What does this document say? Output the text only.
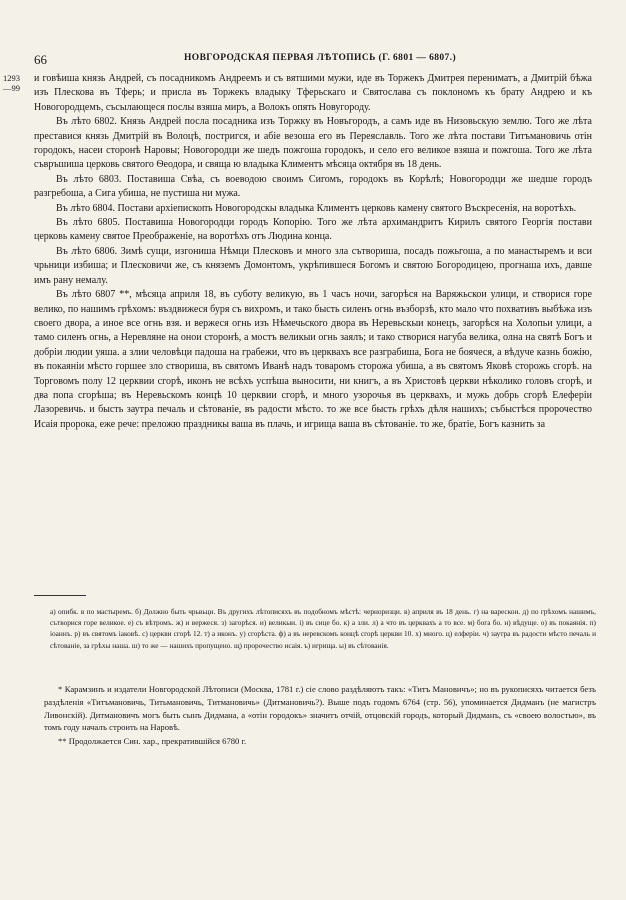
66	НОВГОРОДСКАЯ ПЕРВАЯ ЛѢТОПИСЬ (Г. 6801 — 6807.)
1293
—99

и говѣиша князь Андрей, съ посадникомъ Андреемъ и съ вятшими мужи, иде въ Торжекъ Дмитрея перениматъ, а Дмитрій бѣжа изъ Плескова въ Тферь; и присла въ Торжекъ владыку Тферьскаго и Святослава съ поклономъ къ брату Андрею и къ Новогородцемъ, съсылающеся послы взяша миръ, а Волокъ опять Новугороду.

Въ лѣто 6802. Князь Андрей посла посадника изъ Торжку въ Новъгородъ, а самъ иде въ Низовьскую землю. Того же лѣта преставися князь Дмитрій въ Волоцѣ, постригся, и абіе везоша его въ Переяславль. Того же лѣта постави Титъмановичь отін городокъ, насеи сторонѣ Наровы; Новогородци же шедъ пожгоша городокъ, и село его великое взяша и пожгоша. Того же лѣта съвръшиша церковь святого Ѳеодора, и свяща ю владыка Климентъ мѣсяца октября въ 18 день.

Въ лѣто 6803. Поставиша Свѣа, съ воеводою своимъ Сигомъ, городокъ въ Корѣлѣ; Новогородци же шедше городъ разгребоша, а Сига убиша, не пустиша ни мужа.

Въ лѣто 6804. Постави архіепископъ Новогородскы владыка Климентъ церковь камену святого Въскресенія, на воротѣхъ.

Въ лѣто 6805. Поставиша Новогородци городъ Копорію. Того же лѣта архимандритъ Кирилъ святого Георгія постави церковь камену святое Преображеніе, на воротѣхъ отъ Людина конца.

Въ лѣто 6806. Зимѣ сущи, изгониша Нѣмци Плесковъ и много зла сътвориша, посадъ пожьгоша, а по манастыремъ и вси чрьници избиша; и Плесковичи же, съ княземъ Домонтомъ, укрѣпившеся Богомъ и святою Богородицею, прогнаша ихъ, давше имъ рану немалу.

Въ лѣто 6807 **, мѣсяца априля 18, въ суботу великую, въ 1 часъ ночи, загорѣся на Варяжьскои улици, и створися горе велико, по нашимъ грѣхомъ: въздвижеся буря съ вихромъ, и тако бысть силенъ огнь възборзѣ, кто мало что похвативъ выбѣжа изъ своего двора, а иное все огнь взя. и вержеся огнь изъ Нѣмечьского двора въ Неревьскыи конецъ, загорѣся на Холопьи улици, а тамо силенъ огнь, а Неревляне на онои сторонѣ, а мостъ великыи огнь заялъ; и тако створися нагуба велика, олна на святѣ Богъ и добріи людии уяша. а злии человѣци падоша на грабежи, что въ церквахъ все разграбиша, Бога не боячеся, а вѣдуче казнь божію, въ покаяніи мѣсто горшее зло створиша, въ святомъ Иванѣ надъ товаромъ сторожа убиша, а въ святомъ Яковѣ сторожь сгорѣ. на Торговомъ полу 12 церквии сгорѣ, иконъ не всѣхъ успѣша выносити, ни книгъ, а въ Христовѣ церкви нѣколико головъ сгорѣ, и два попа сгорѣша; въ Неревьскомъ концѣ 10 церквии сгорѣ, и много узорочья въ церквахъ, и мужь добрь сгорѣ Елеферіи Лазоревичь. и бысть заутра печаль и сѣтованіе, въ радости мѣсто. то же все бысть грѣхъ дѣля нашихъ; събыстѣся пророчество Исаія пророка, еже рече: преложю праздникы ваша въ плачь, и игрища ваша въ сѣтованіе. то же, братіе, Богъ казнить за

а) опибк. в по мастыремъ. б) Должно быть чрьвьци. Въ другихъ лѣтописяхъ въ подобномъ мѣстѣ: черноризци. в) априля въ 18 день. г) на варескои. д) по грѣхомъ нашимъ, сътворися горе великое. е) съ вѣтромъ. ж) и вержеся. з) загорѣся. и) великыи. і) въ сице бо. к) а зли. л) а что въ церквахъ а то все. м) бога бо. н) вѣдуще. о) въ покаянія. п) іоаннъ. р) въ святомъ іаковѣ. с) церкви сгорѣ 12. т) а иконъ. у) сгорѣста. ф) а въ неревскомъ концѣ сгорѣ церкви 10. х) много. ц) елферіи. ч) заутра въ радости мѣсто печаль и сѣтованіе, за грѣхы наша. ш) то же — нашихъ пропущено. щ) пророчество исаія. ъ) игрища. ы) въ сѣтованія.

* Карамзинъ и издатели Новгородской Лѣтописи (Москва, 1781 г.) сіе слово раздѣляютъ такъ: «Титъ Мановичъ»; но въ рукописяхъ читается безъ раздѣленія «Титъмановичь, Титьмановичь, Титмановичь» (Дитмановичь?). Выше подъ годомъ 6764 (стр. 56), упоминается Дидманъ (не магистръ Ливонскій). Дитмановичъ могъ быть сынъ Дидмана, а «отін городокъ» значитъ отчій, отцовскій городъ, который Дидманъ, съ «своею волостью», въ томъ году началъ строить на Наровѣ.

** Продолжается Син. хар., прекратившійся 6780 г.
